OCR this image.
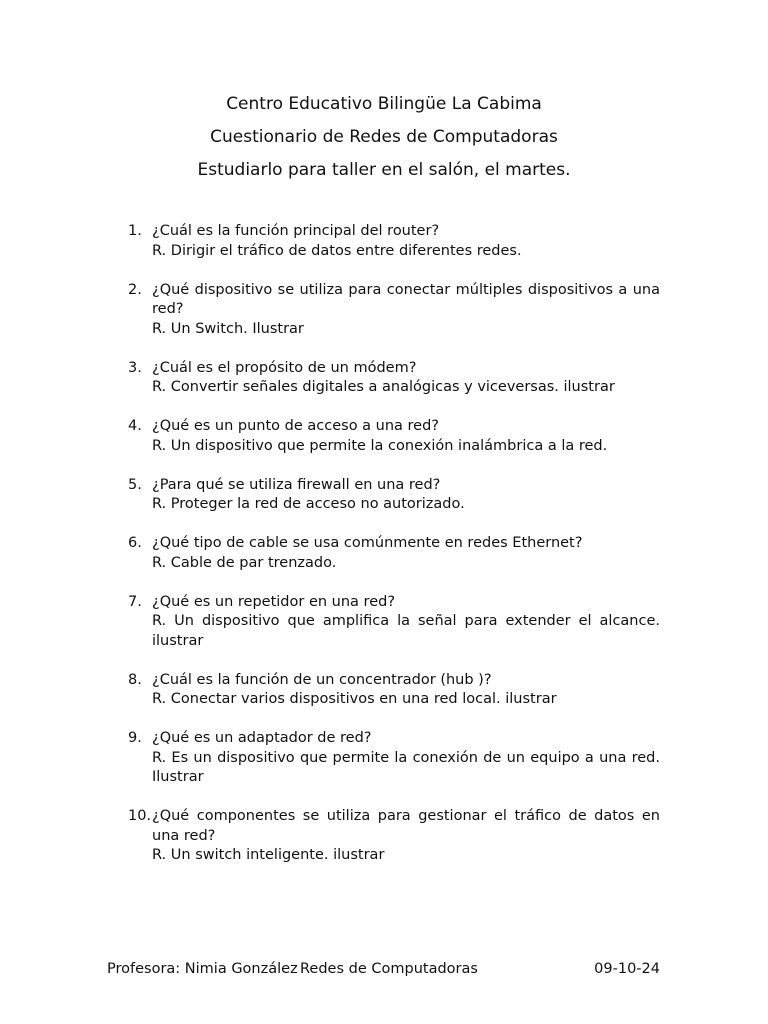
Centro Educativo Bilingüe La Cabima
Cuestionario de Redes de Computadoras
Estudiarlo para taller en el salón, el martes.
1. ¿Cuál es la función principal del router?
R. Dirigir el tráfico de datos entre diferentes redes.
2. ¿Qué dispositivo se utiliza para conectar múltiples dispositivos a una red?
R. Un Switch. Ilustrar
3. ¿Cuál es el propósito de un módem?
R. Convertir señales digitales a analógicas y viceversas. ilustrar
4. ¿Qué es un punto de acceso a una red?
R. Un dispositivo que permite la conexión inalámbrica a la red.
5. ¿Para qué se utiliza firewall en una red?
R. Proteger la red de acceso no autorizado.
6. ¿Qué tipo de cable se usa comúnmente en redes Ethernet?
R. Cable de par trenzado.
7. ¿Qué es un repetidor en una red?
R. Un dispositivo que amplifica la señal para extender el alcance. ilustrar
8. ¿Cuál es la función de un concentrador (hub )?
R. Conectar varios dispositivos en una red local. ilustrar
9. ¿Qué es un adaptador de red?
R. Es un dispositivo que permite la conexión de un equipo a una red. Ilustrar
10. ¿Qué componentes se utiliza para gestionar el tráfico de datos en una red?
R. Un switch inteligente. ilustrar
Profesora: Nimia González Redes de Computadoras	09-10-24
